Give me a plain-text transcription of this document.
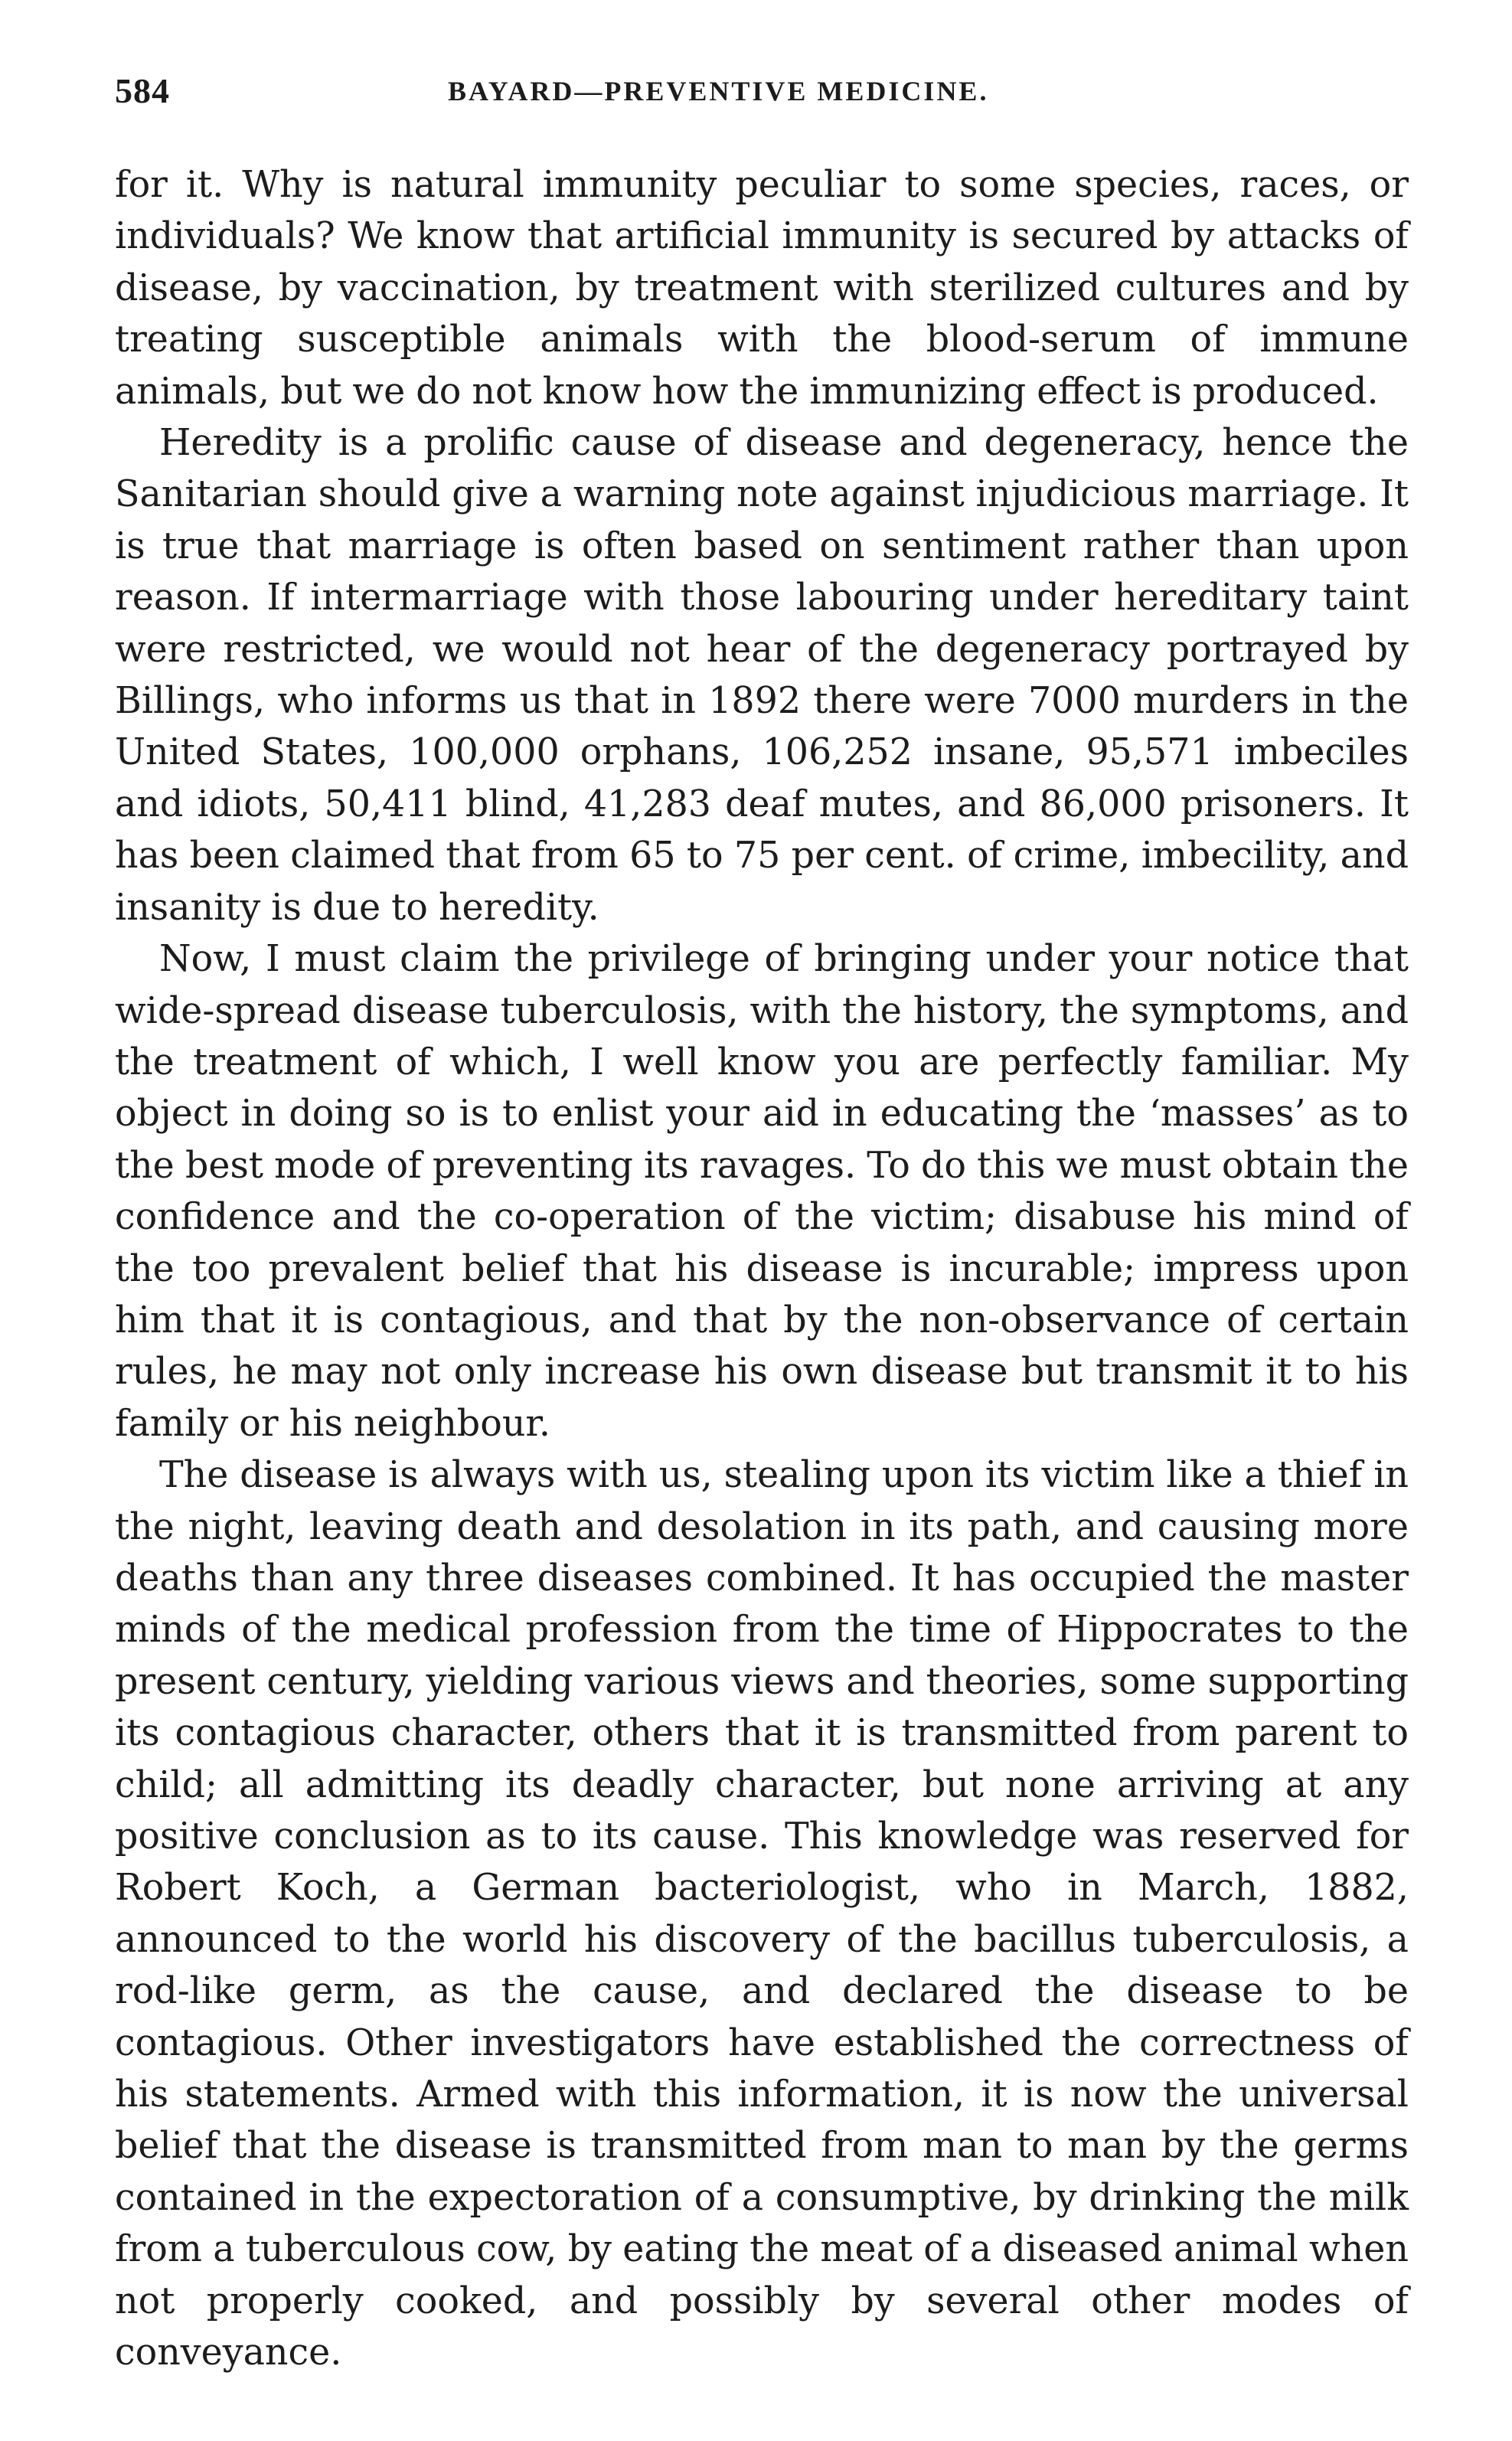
584	BAYARD—PREVENTIVE MEDICINE.

for it. Why is natural immunity peculiar to some species, races, or individuals? We know that artificial immunity is secured by attacks of disease, by vaccination, by treatment with sterilized cultures and by treating susceptible animals with the blood-serum of immune animals, but we do not know how the immunizing effect is produced.

Heredity is a prolific cause of disease and degeneracy, hence the Sanitarian should give a warning note against injudicious marriage. It is true that marriage is often based on sentiment rather than upon reason. If intermarriage with those labouring under hereditary taint were restricted, we would not hear of the degeneracy portrayed by Billings, who informs us that in 1892 there were 7000 murders in the United States, 100,000 orphans, 106,252 insane, 95,571 imbeciles and idiots, 50,411 blind, 41,283 deaf mutes, and 86,000 prisoners. It has been claimed that from 65 to 75 per cent. of crime, imbecility, and insanity is due to heredity.

Now, I must claim the privilege of bringing under your notice that wide-spread disease tuberculosis, with the history, the symptoms, and the treatment of which, I well know you are perfectly familiar. My object in doing so is to enlist your aid in educating the ‘masses’ as to the best mode of preventing its ravages. To do this we must obtain the confidence and the co-operation of the victim; disabuse his mind of the too prevalent belief that his disease is incurable; impress upon him that it is contagious, and that by the non-observance of certain rules, he may not only increase his own disease but transmit it to his family or his neighbour.

The disease is always with us, stealing upon its victim like a thief in the night, leaving death and desolation in its path, and causing more deaths than any three diseases combined. It has occupied the master minds of the medical profession from the time of Hippocrates to the present century, yielding various views and theories, some supporting its contagious character, others that it is transmitted from parent to child; all admitting its deadly character, but none arriving at any positive conclusion as to its cause. This knowledge was reserved for Robert Koch, a German bacteriologist, who in March, 1882, announced to the world his discovery of the bacillus tuberculosis, a rod-like germ, as the cause, and declared the disease to be contagious. Other investigators have established the correctness of his statements. Armed with this information, it is now the universal belief that the disease is transmitted from man to man by the germs contained in the expectoration of a consumptive, by drinking the milk from a tuberculous cow, by eating the meat of a diseased animal when not properly cooked, and possibly by several other modes of conveyance.
